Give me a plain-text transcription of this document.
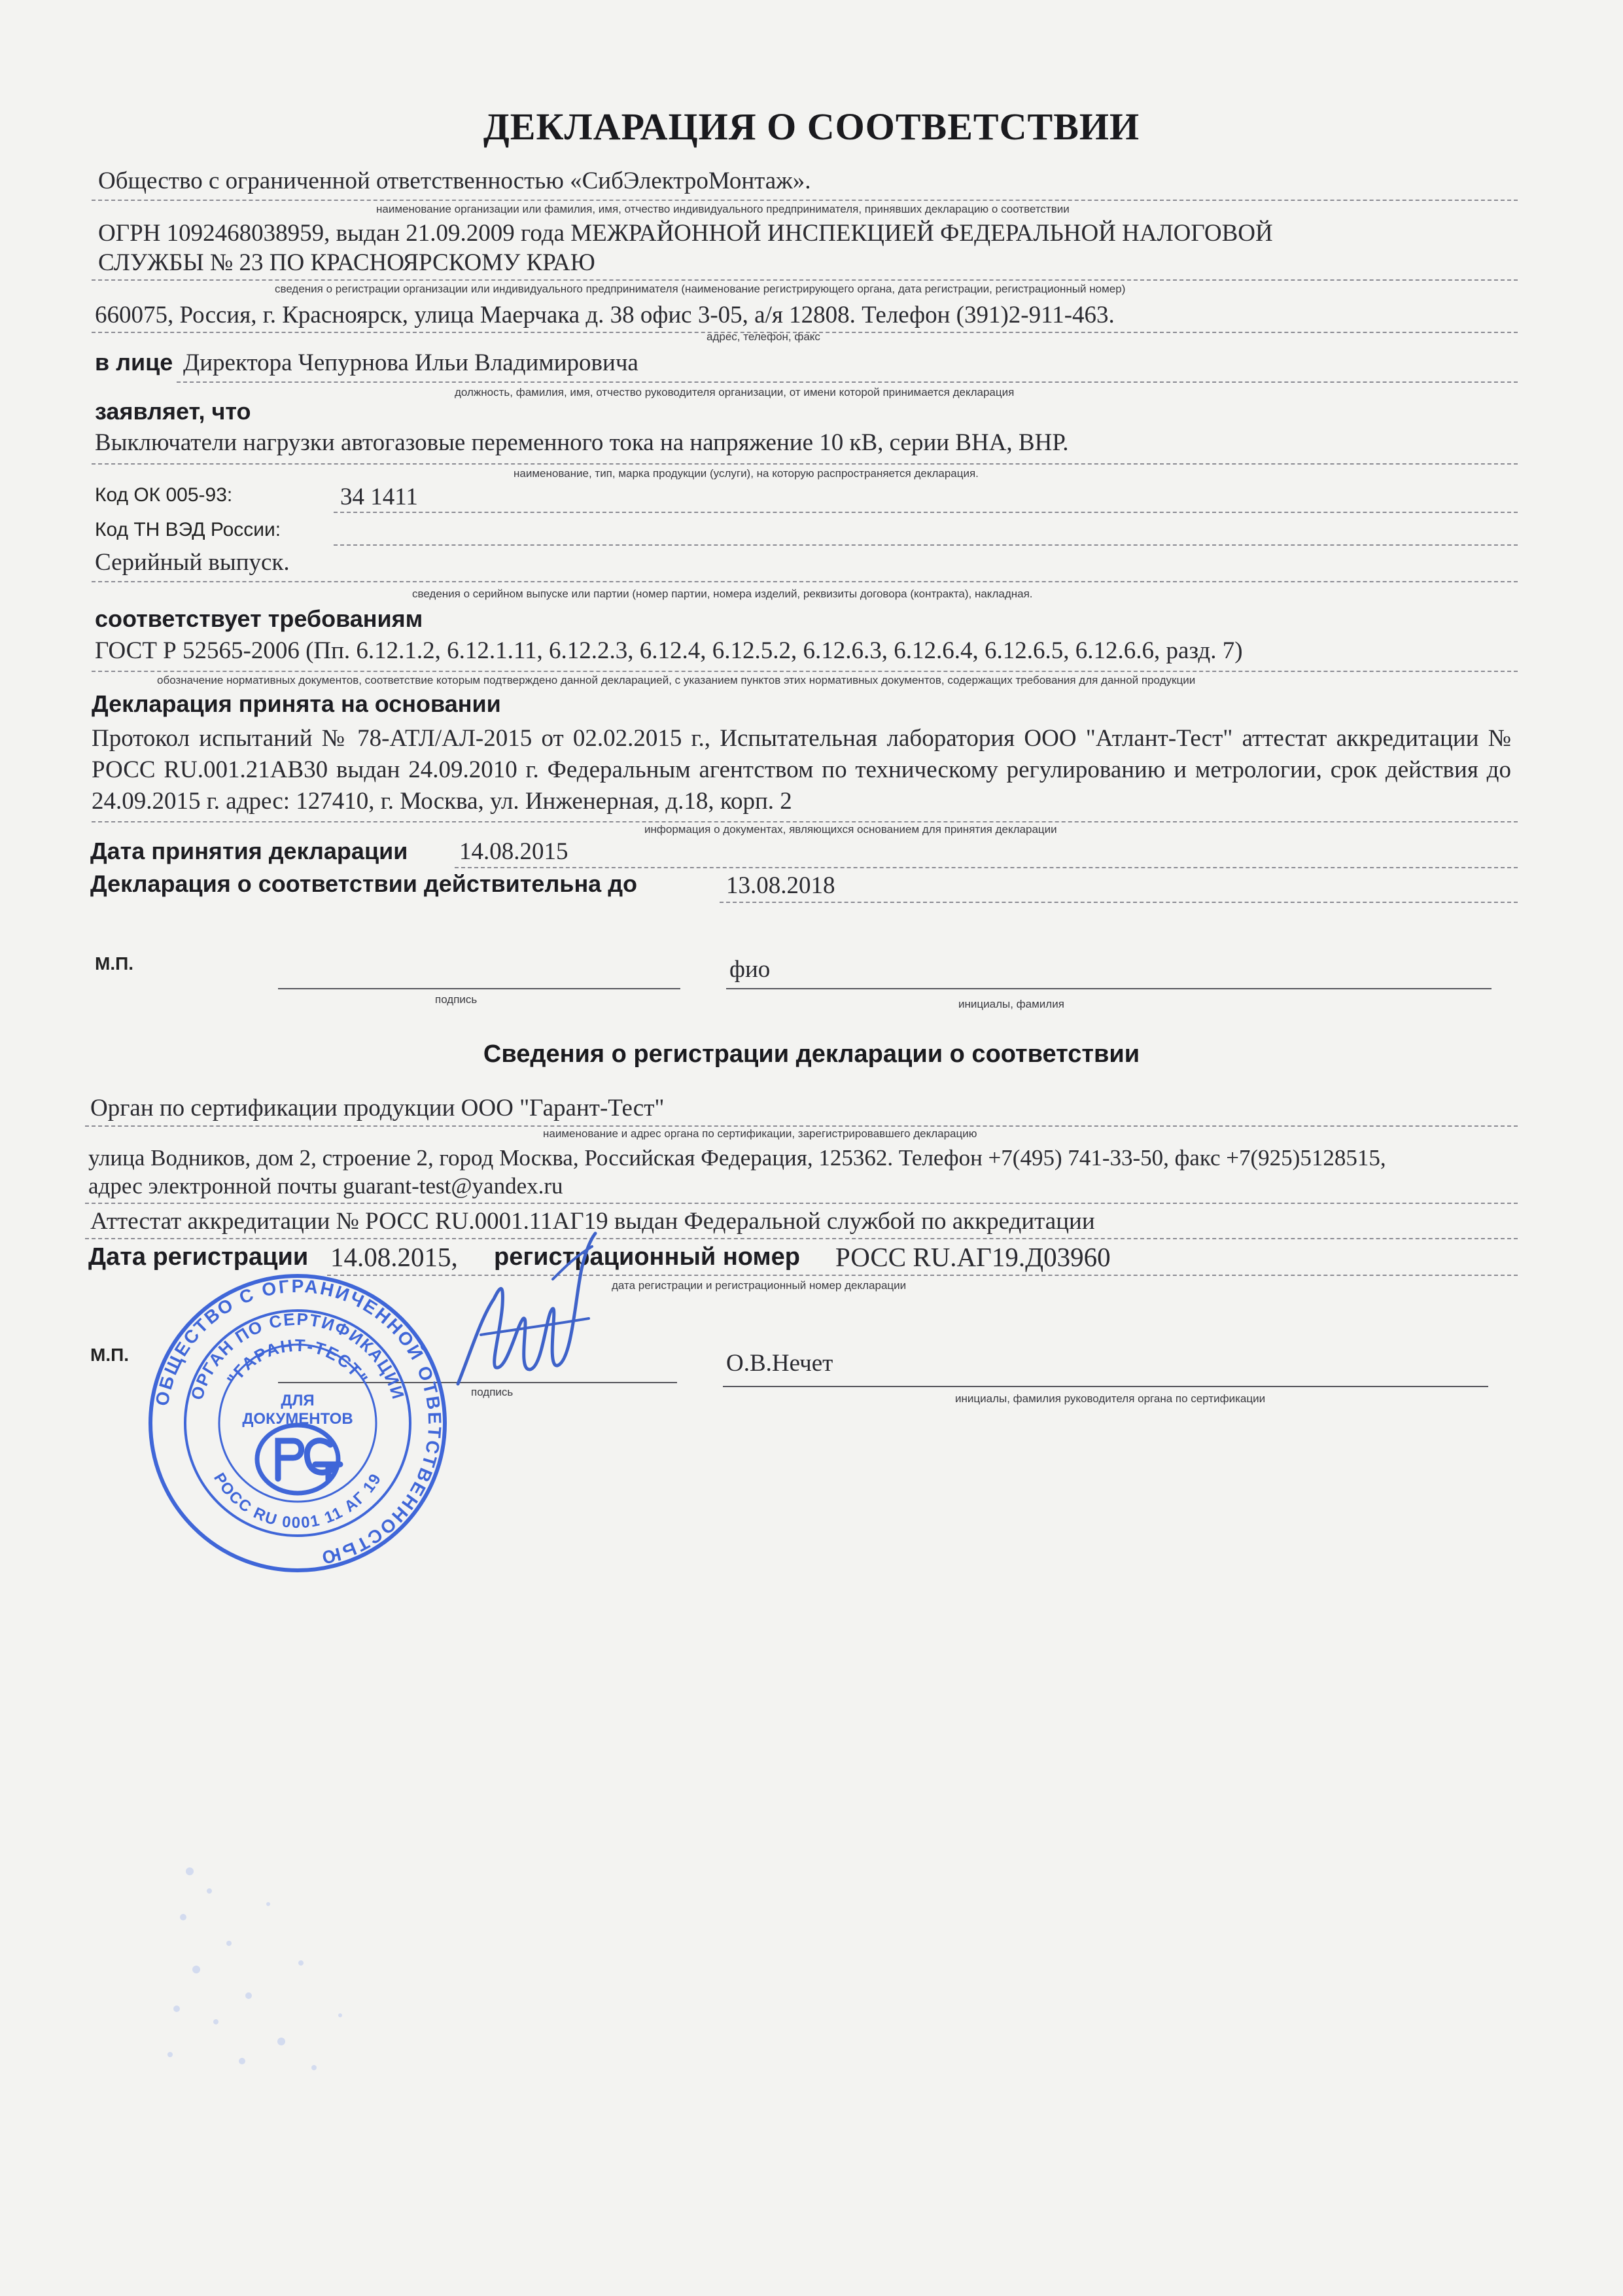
ДЕКЛАРАЦИЯ О СООТВЕТСТВИИ
Общество с ограниченной ответственностью «СибЭлектроМонтаж».
наименование организации или фамилия, имя, отчество индивидуального предпринимателя, принявших декларацию о соответствии
ОГРН 1092468038959, выдан 21.09.2009 года МЕЖРАЙОННОЙ ИНСПЕКЦИЕЙ ФЕДЕРАЛЬНОЙ НАЛОГОВОЙ
СЛУЖБЫ № 23 ПО КРАСНОЯРСКОМУ КРАЮ
сведения о регистрации организации или индивидуального предпринимателя (наименование регистрирующего органа, дата регистрации, регистрационный номер)
660075, Россия, г. Красноярск, улица Маерчака д. 38 офис 3-05, а/я 12808. Телефон (391)2-911-463.
адрес, телефон, факс
в лице Директора Чепурнова Ильи Владимировича
должность, фамилия, имя, отчество руководителя организации, от имени которой принимается декларация
заявляет, что
Выключатели нагрузки автогазовые переменного тока на напряжение 10 кВ, серии ВНА, ВНР.
наименование, тип, марка продукции (услуги), на которую распространяется декларация.
Код ОК 005-93:	34 1411
Код ТН ВЭД России:
Серийный выпуск.
сведения о серийном выпуске или партии (номер партии, номера изделий, реквизиты договора (контракта), накладная.
соответствует требованиям
ГОСТ Р 52565-2006 (Пп. 6.12.1.2, 6.12.1.11, 6.12.2.3, 6.12.4, 6.12.5.2, 6.12.6.3, 6.12.6.4, 6.12.6.5, 6.12.6.6, разд. 7)
обозначение нормативных документов, соответствие которым подтверждено данной декларацией, с указанием пунктов этих нормативных документов, содержащих требования для данной продукции
Декларация принята на основании
Протокол испытаний № 78-АТЛ/АЛ-2015 от 02.02.2015 г., Испытательная лаборатория ООО "Атлант-Тест" аттестат аккредитации № РОСС RU.001.21АВ30 выдан 24.09.2010 г. Федеральным агентством по техническому регулированию и метрологии, срок действия до 24.09.2015 г. адрес: 127410, г. Москва, ул. Инженерная, д.18, корп. 2
информация о документах, являющихся основанием для принятия декларации
Дата принятия декларации 14.08.2015
Декларация о соответствии действительна до	13.08.2018
М.П.
подпись
фио
инициалы, фамилия
Сведения о регистрации декларации о соответствии
Орган по сертификации продукции ООО "Гарант-Тест"
наименование и адрес органа по сертификации, зарегистрировавшего декларацию
улица Водников, дом 2, строение 2, город Москва, Российская Федерация, 125362. Телефон +7(495) 741-33-50, факс +7(925)5128515,
адрес электронной почты guarant-test@yandex.ru
Аттестат аккредитации № РОСС RU.0001.11АГ19 выдан Федеральной службой по аккредитации
Дата регистрации 14.08.2015, регистрационный номер РОСС RU.АГ19.Д03960
дата регистрации и регистрационный номер декларации
М.П.
подпись
О.В.Нечет
инициалы, фамилия руководителя органа по сертификации
ОБЩЕСТВО С ОГРАНИЧЕННОЙ ОТВЕТСТВЕННОСТЬЮ
ОРГАН ПО СЕРТИФИКАЦИИ
"ГАРАНТ-ТЕСТ"
РОСС RU 0001 11 АГ 19
ДЛЯ
ДОКУМЕНТОВ
